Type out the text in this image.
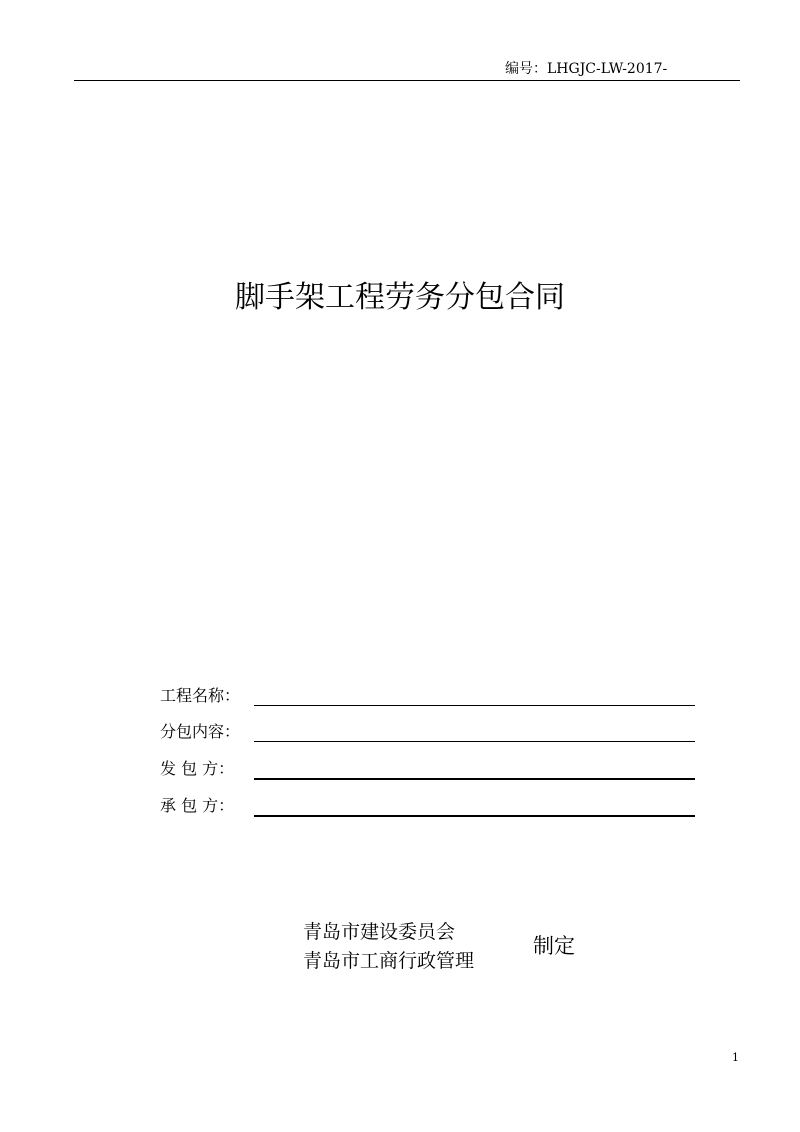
编号：LHGJC-LW-2017-
脚手架工程劳务分包合同
工程名称：
分包内容：
发 包 方：
承 包 方：
青岛市建设委员会
青岛市工商行政管理
制定
1
